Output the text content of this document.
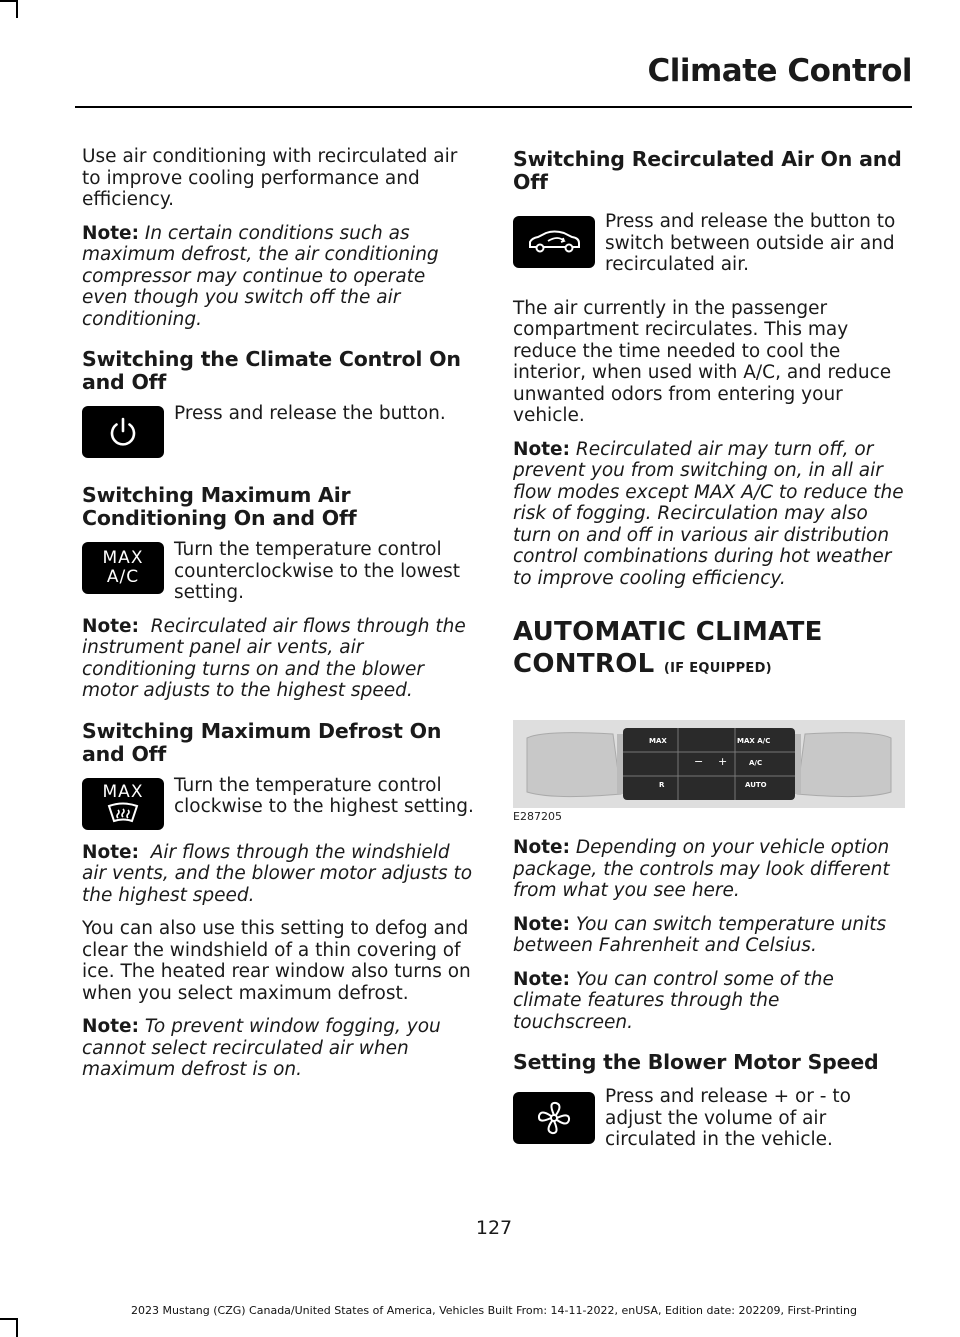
Climate Control

Use air conditioning with recirculated air to improve cooling performance and efficiency.

Note: In certain conditions such as maximum defrost, the air conditioning compressor may continue to operate even though you switch off the air conditioning.

Switching the Climate Control On and Off

Press and release the button.

Switching Maximum Air Conditioning On and Off
MAX
A/C

Turn the temperature control counterclockwise to the lowest setting.

Note: Recirculated air flows through the instrument panel air vents, air conditioning turns on and the blower motor adjusts to the highest speed.

Switching Maximum Defrost On and Off
MAX Turn the temperature control clockwise to the highest setting.

Note: Air flows through the windshield air vents, and the blower motor adjusts to the highest speed.

You can also use this setting to defog and clear the windshield of a thin covering of ice. The heated rear window also turns on when you select maximum defrost.

Note: To prevent window fogging, you cannot select recirculated air when maximum defrost is on.

Switching Recirculated Air On and Off

Press and release the button to switch between outside air and recirculated air.

The air currently in the passenger compartment recirculates. This may reduce the time needed to cool the interior, when used with A/C, and reduce unwanted odors from entering your vehicle.

Note: Recirculated air may turn off, or prevent you from switching on, in all air flow modes except MAX A/C to reduce the risk of fogging. Recirculation may also turn on and off in various air distribution control combinations during hot weather to improve cooling efficiency.

AUTOMATIC CLIMATE
CONTROL (IF EQUIPPED)
MAX	MAX A/C
A/C
AUTO
R
− +
E287205

Note: Depending on your vehicle option package, the controls may look different from what you see here.

Note: You can switch temperature units between Fahrenheit and Celsius.

Note: You can control some of the climate features through the touchscreen.

Setting the Blower Motor Speed

Press and release + or - to adjust the volume of air circulated in the vehicle.

127
2023 Mustang (CZG) Canada/United States of America, Vehicles Built From: 14-11-2022, enUSA, Edition date: 202209, First-Printing
